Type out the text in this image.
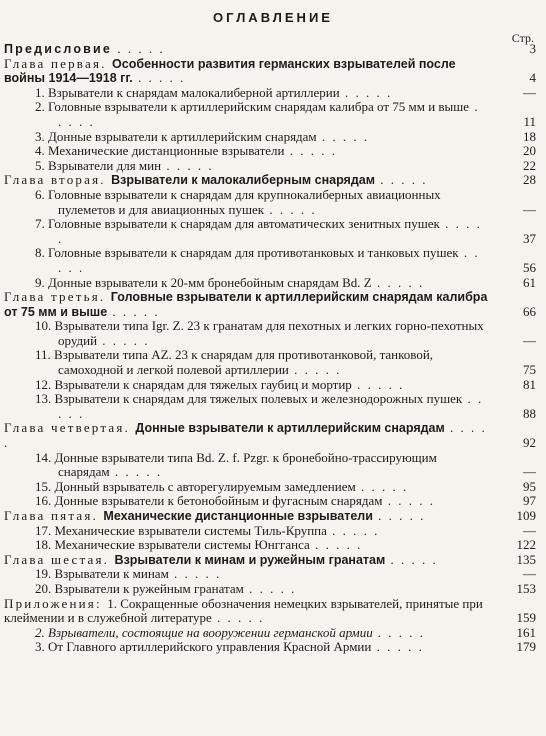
ОГЛАВЛЕНИЕ
Стр.
Предисловие . . . . .	3
Глава первая. Особенности развития германских взрывателей после войны 1914—1918 гг. . . . . .	4
1. Взрыватели к снарядам малокалиберной артиллерии . . . . .	—
2. Головные взрыватели к артиллерийским снарядам калибра от 75 мм и выше . . . . .	11
3. Донные взрыватели к артиллерийским снарядам . . . . .	18
4. Механические дистанционные взрыватели . . . . .	20
5. Взрыватели для мин . . . . .	22
Глава вторая. Взрыватели к малокалиберным снарядам . . . . .	28
6. Головные взрыватели к снарядам для крупнокалиберных авиационных пулеметов и для авиационных пушек . . . . .	—
7. Головные взрыватели к снарядам для автоматических зенитных пушек . . . . .	37
8. Головные взрыватели к снарядам для противотанковых и танковых пушек . . . . .	56
9. Донные взрыватели к 20-мм бронебойным снарядам Bd. Z . . . . .	61
Глава третья. Головные взрыватели к артиллерийским снарядам калибра от 75 мм и выше . . . . .	66
10. Взрыватели типа Igr. Z. 23 к гранатам для пехотных и легких горно-пехотных орудий . . . . .	—
11. Взрыватели типа AZ. 23 к снарядам для противотанковой, танковой, самоходной и легкой полевой артиллерии . . . . .	75
12. Взрыватели к снарядам для тяжелых гаубиц и мортир . . . . .	81
13. Взрыватели к снарядам для тяжелых полевых и железнодорожных пушек . . . . .	88
Глава четвертая. Донные взрыватели к артиллерийским снарядам . . . . .	92
14. Донные взрыватели типа Bd. Z. f. Pzgr. к бронебойно-трассирующим снарядам . . . . .	—
15. Донный взрыватель с авторегулируемым замедлением . . . . .	95
16. Донные взрыватели к бетонобойным и фугасным снарядам . . . . .	97
Глава пятая. Механические дистанционные взрыватели . . . . .	109
17. Механические взрыватели системы Тиль-Круппа . . . . .	—
18. Механические взрыватели системы Юнгганса . . . . .	122
Глава шестая. Взрыватели к минам и ружейным гранатам . . . . .	135
19. Взрыватели к минам . . . . .	—
20. Взрыватели к ружейным гранатам . . . . .	153
Приложения: 1. Сокращенные обозначения немецких взрывателей, принятые при клеймении и в служебной литературе . . . . .	159
2. Взрыватели, состоящие на вооружении германской армии . . . . .	161
3. От Главного артиллерийского управления Красной Армии . . . . .	179
